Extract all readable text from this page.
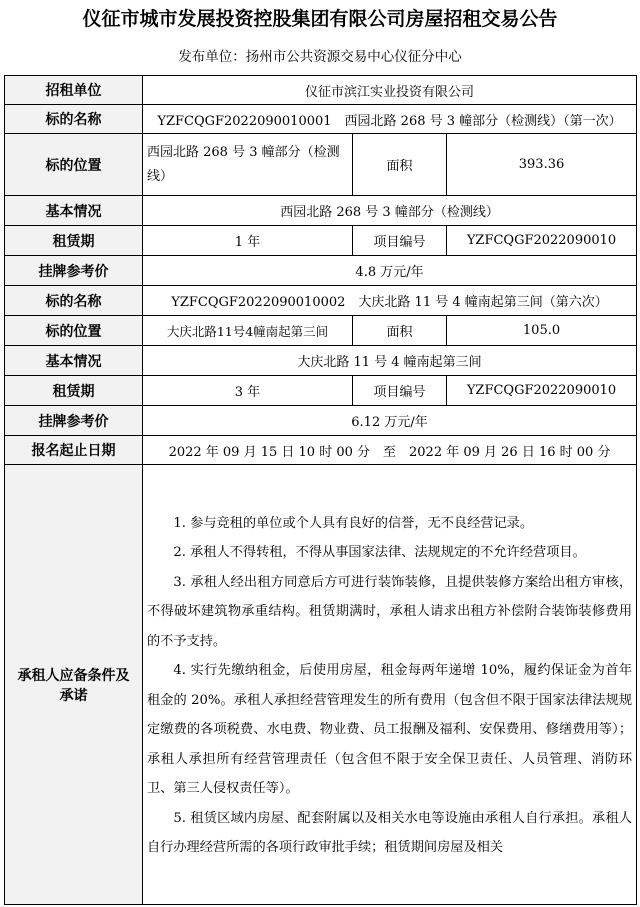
仪征市城市发展投资控股集团有限公司房屋招租交易公告
发布单位：扬州市公共资源交易中心仪征分中心
招租单位	仪征市滨江实业投资有限公司		
标的名称	YZFCQGF2022090010001　西园北路 268 号 3 幢部分（检测线）（第一次）		
标的位置	西园北路 268 号 3 幢部分（检测线）	面积	393.36
基本情况	西园北路 268 号 3 幢部分（检测线）		
租赁期	1 年	项目编号	YZFCQGF2022090010
挂牌参考价	4.8 万元/年		
标的名称	YZFCQGF2022090010002　大庆北路 11 号 4 幢南起第三间（第六次）		
标的位置	大庆北路11号4幢南起第三间	面积	105.0
基本情况	大庆北路 11 号 4 幢南起第三间		
租赁期	3 年	项目编号	YZFCQGF2022090010
挂牌参考价	6.12 万元/年		
报名起止日期	2022 年 09 月 15 日 10 时 00 分　至　2022 年 09 月 26 日 16 时 00 分		
承租人应备条件及承诺	1. 参与竞租的单位或个人具有良好的信誉，无不良经营记录。

2. 承租人不得转租，不得从事国家法律、法规规定的不允许经营项目。

3. 承租人经出租方同意后方可进行装饰装修，且提供装修方案给出租方审核，不得破坏建筑物承重结构。租赁期满时，承租人请求出租方补偿附合装饰装修费用的不予支持。

4. 实行先缴纳租金，后使用房屋，租金每两年递增 10%，履约保证金为首年租金的 20%。承租人承担经营管理发生的所有费用（包含但不限于国家法律法规规定缴费的各项税费、水电费、物业费、员工报酬及福利、安保费用、修缮费用等）；承租人承担所有经营管理责任（包含但不限于安全保卫责任、人员管理、消防环卫、第三人侵权责任等）。

5. 租赁区域内房屋、配套附属以及相关水电等设施由承租人自行承担。承租人自行办理经营所需的各项行政审批手续；租赁期间房屋及相关		
